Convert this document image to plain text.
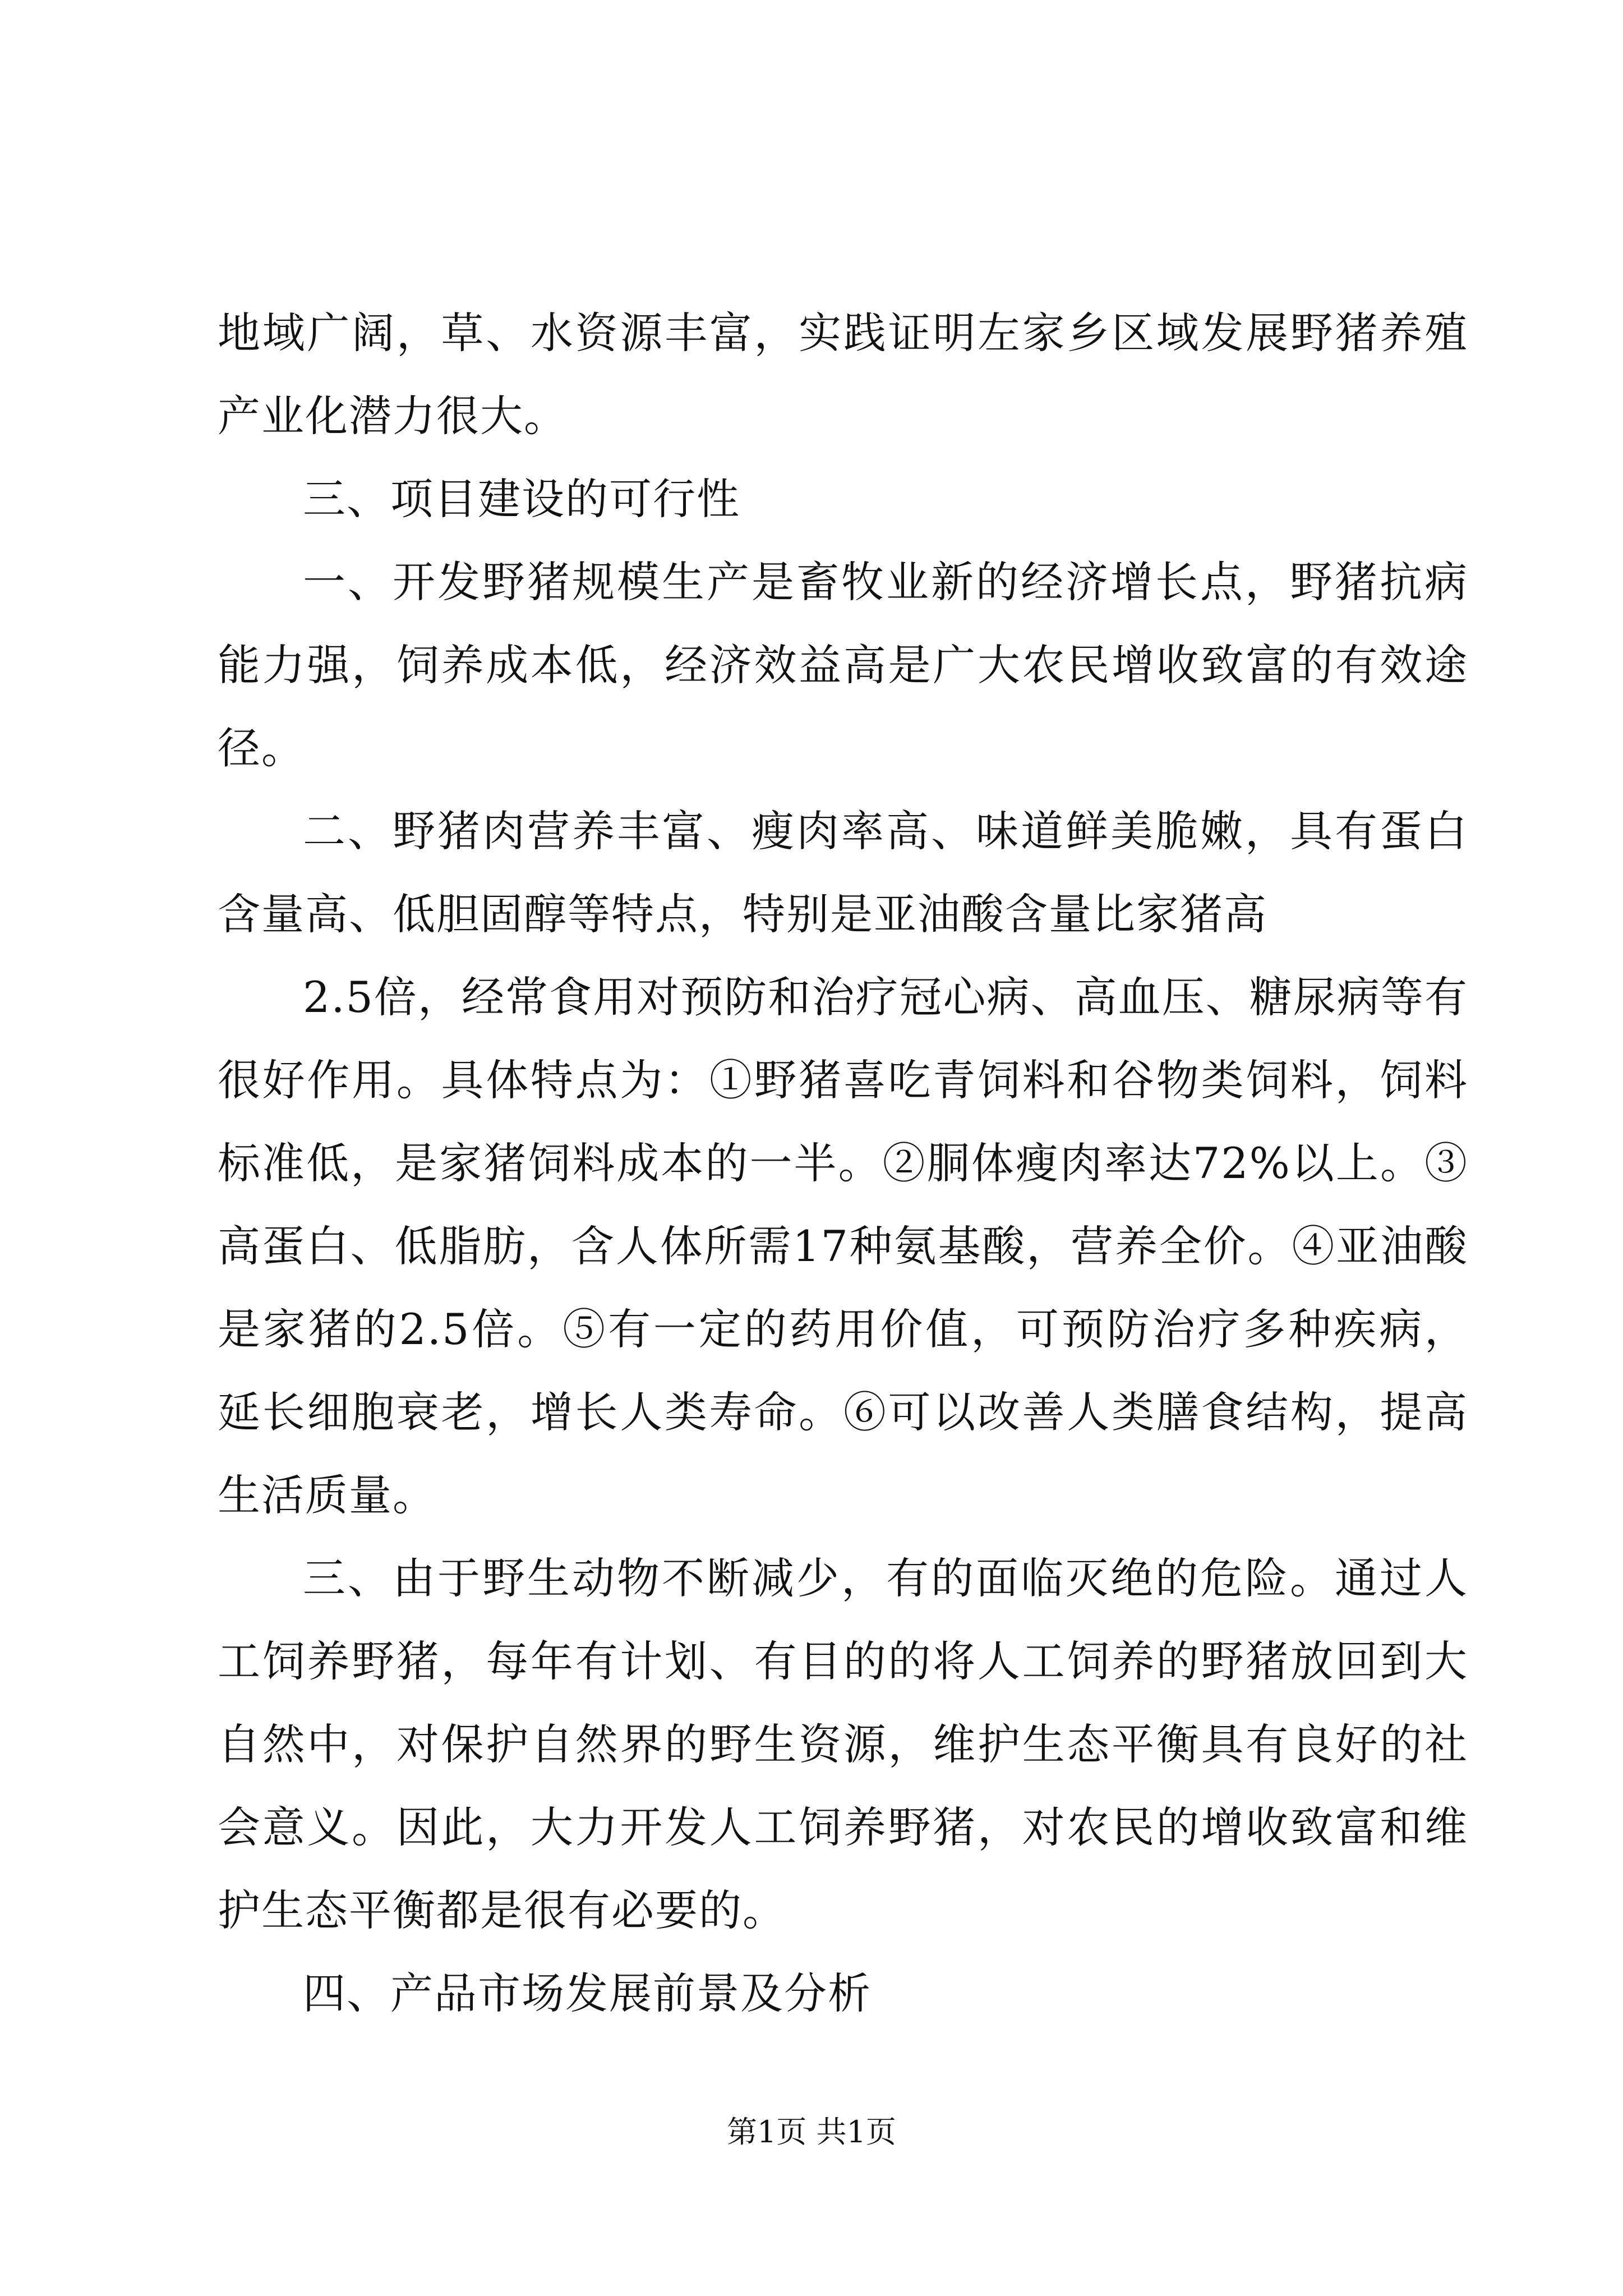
地域广阔，草、水资源丰富，实践证明左家乡区域发展野猪养殖产业化潜力很大。

三、项目建设的可行性

一、开发野猪规模生产是畜牧业新的经济增长点，野猪抗病能力强，饲养成本低，经济效益高是广大农民增收致富的有效途径。

二、野猪肉营养丰富、瘦肉率高、味道鲜美脆嫩，具有蛋白含量高、低胆固醇等特点，特别是亚油酸含量比家猪高

2.5倍，经常食用对预防和治疗冠心病、高血压、糖尿病等有很好作用。具体特点为：①野猪喜吃青饲料和谷物类饲料，饲料标准低，是家猪饲料成本的一半。②胴体瘦肉率达72%以上。③高蛋白、低脂肪，含人体所需17种氨基酸，营养全价。④亚油酸是家猪的2.5倍。⑤有一定的药用价值，可预防治疗多种疾病，延长细胞衰老，增长人类寿命。⑥可以改善人类膳食结构，提高生活质量。

三、由于野生动物不断减少，有的面临灭绝的危险。通过人工饲养野猪，每年有计划、有目的的将人工饲养的野猪放回到大自然中，对保护自然界的野生资源，维护生态平衡具有良好的社会意义。因此，大力开发人工饲养野猪，对农民的增收致富和维护生态平衡都是很有必要的。

四、产品市场发展前景及分析

第1页 共1页
